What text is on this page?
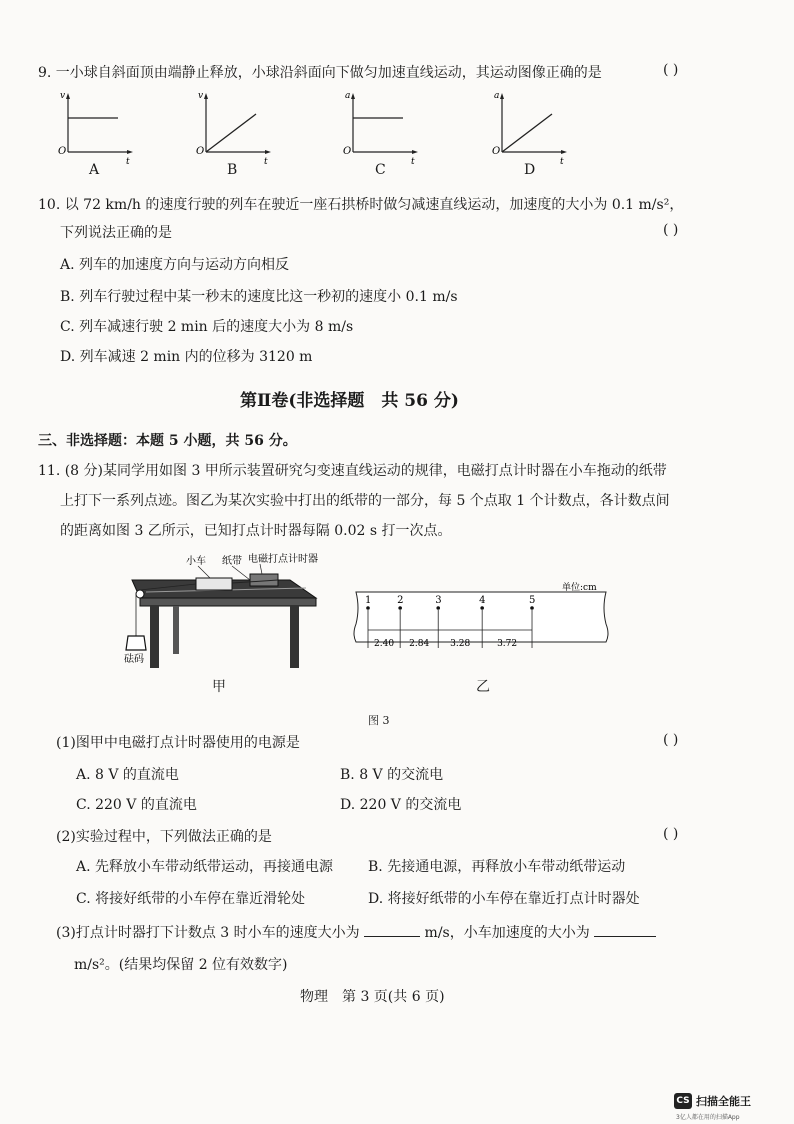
9. 一小球自斜面顶由端静止释放，小球沿斜面向下做匀加速直线运动，其运动图像正确的是	( )
v
t
O
A
v
t
O
B
a
t
O
C
a
t
O
D
10. 以 72 km/h 的速度行驶的列车在驶近一座石拱桥时做匀减速直线运动，加速度的大小为 0.1 m/s²，
下列说法正确的是	( )
A. 列车的加速度方向与运动方向相反
B. 列车行驶过程中某一秒末的速度比这一秒初的速度小 0.1 m/s
C. 列车减速行驶 2 min 后的速度大小为 8 m/s
D. 列车减速 2 min 内的位移为 3120 m
第Ⅱ卷(非选择题　共 56 分)
三、非选择题：本题 5 小题，共 56 分。
11. (8 分)某同学用如图 3 甲所示装置研究匀变速直线运动的规律，电磁打点计时器在小车拖动的纸带
上打下一系列点迹。图乙为某次实验中打出的纸带的一部分，每 5 个点取 1 个计数点，各计数点间
的距离如图 3 乙所示，已知打点计时器每隔 0.02 s 打一次点。
小车 纸带 电磁打点计时器
砝码
甲
单位:cm
1	2	3	4	5
2.40 2.84 3.28	3.72
乙
图 3
(1)图甲中电磁打点计时器使用的电源是	( )
A. 8 V 的直流电	B. 8 V 的交流电
C. 220 V 的直流电	D. 220 V 的交流电
(2)实验过程中，下列做法正确的是	( )
A. 先释放小车带动纸带运动，再接通电源 B. 先接通电源，再释放小车带动纸带运动
C. 将接好纸带的小车停在靠近滑轮处	D. 将接好纸带的小车停在靠近打点计时器处
(3)打点计时器打下计数点 3 时小车的速度大小为	m/s，小车加速度的大小为
m/s²。(结果均保留 2 位有效数字)
物理　第 3 页(共 6 页)
CS 扫描全能王
3亿人都在用的扫描App
